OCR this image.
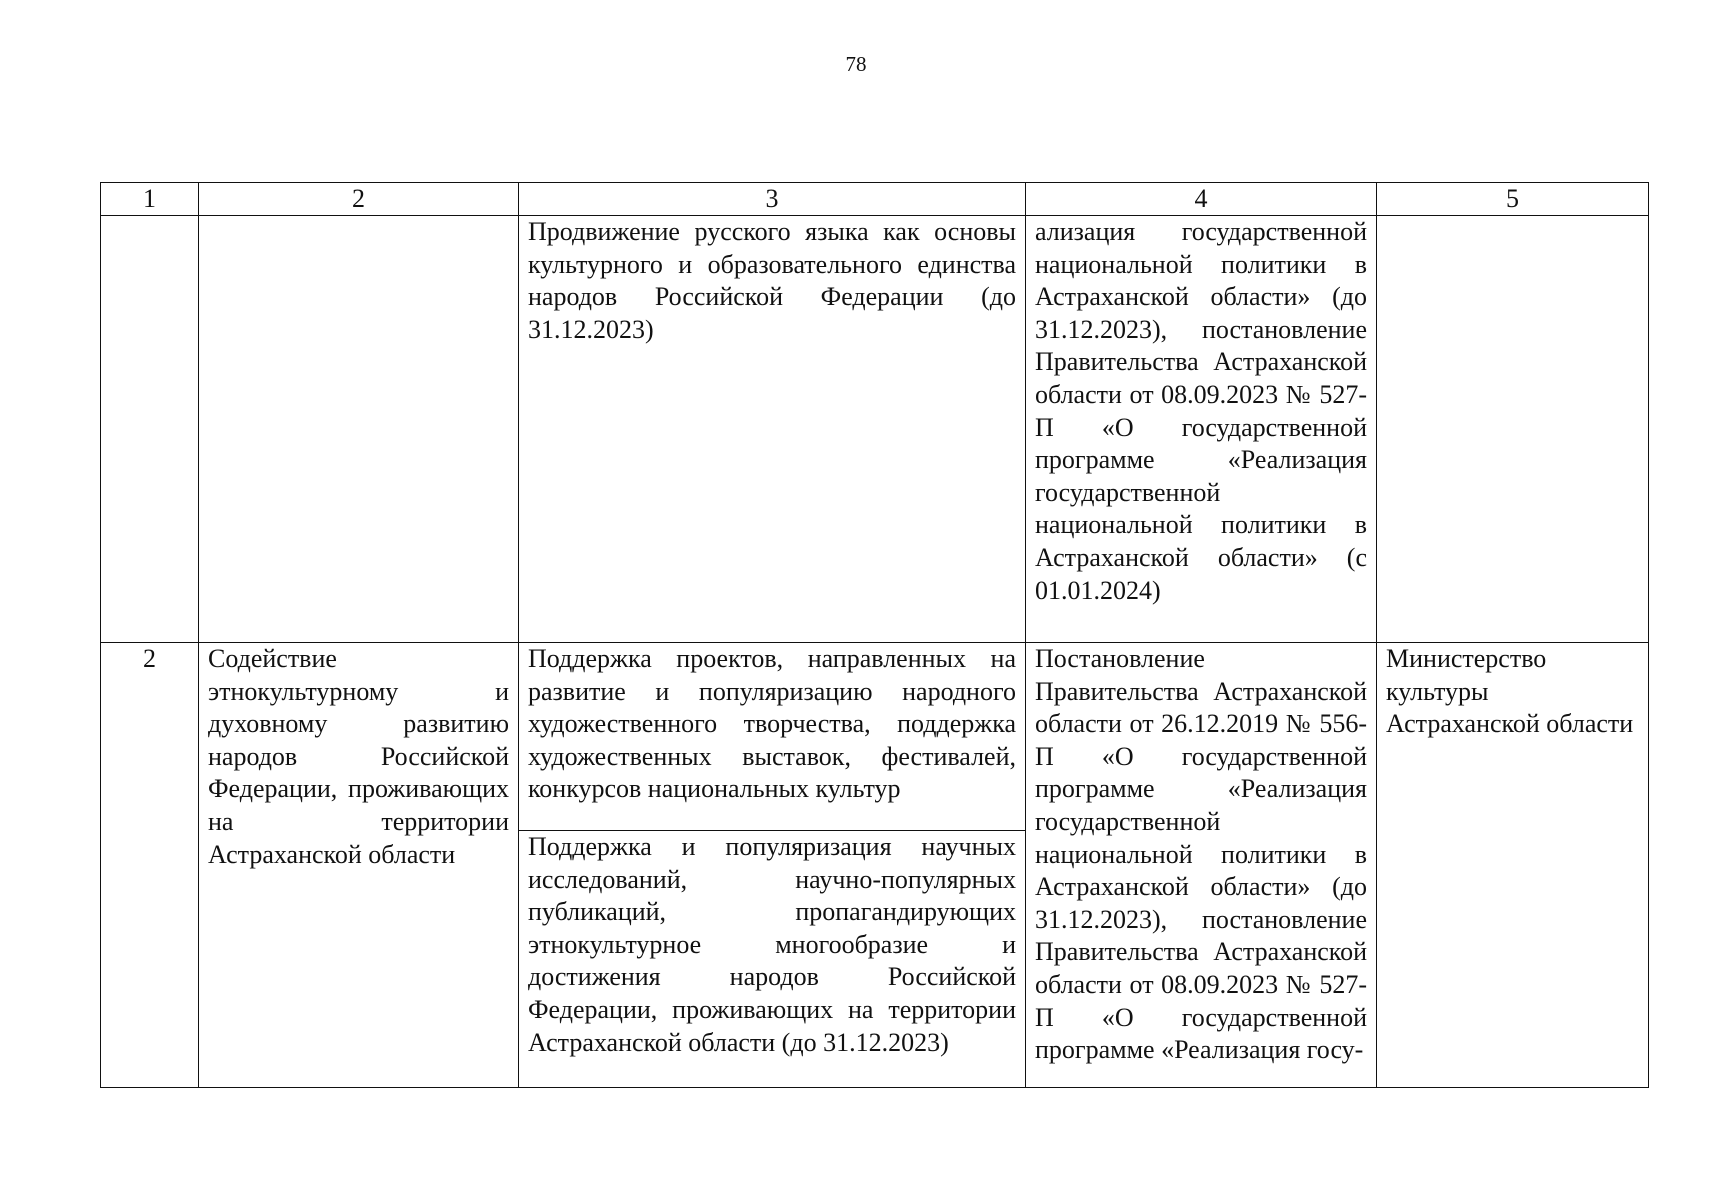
78
1	2	3	4	5
		Продвижение русского языка как основы культурного и образовательного единства народов Российской Федерации (до 31.12.2023)	ализация государственной национальной политики в Астраханской области» (до 31.12.2023), постановление Правительства Астраханской области от 08.09.2023 № 527-П «О государственной программе «Реализация государственной национальной политики в Астраханской области» (с 01.01.2024)	
2	Содействие этнокультурному и духовному развитию народов Российской Федерации, проживающих на территории Астраханской области	Поддержка проектов, направленных на развитие и популяризацию народного художественного творчества, поддержка художественных выставок, фестивалей, конкурсов национальных культур	Постановление Правительства Астраханской области от 26.12.2019 № 556-П «О государственной программе «Реализация государственной национальной политики в Астраханской области» (до 31.12.2023), постановление Правительства Астраханской области от 08.09.2023 № 527-П «О государственной программе «Реализация госу-	Министерство культуры Астраханской области
		Поддержка и популяризация научных исследований, научно-популярных публикаций, пропагандирующих этнокультурное многообразие и достижения народов Российской Федерации, проживающих на территории Астраханской области (до 31.12.2023)		
